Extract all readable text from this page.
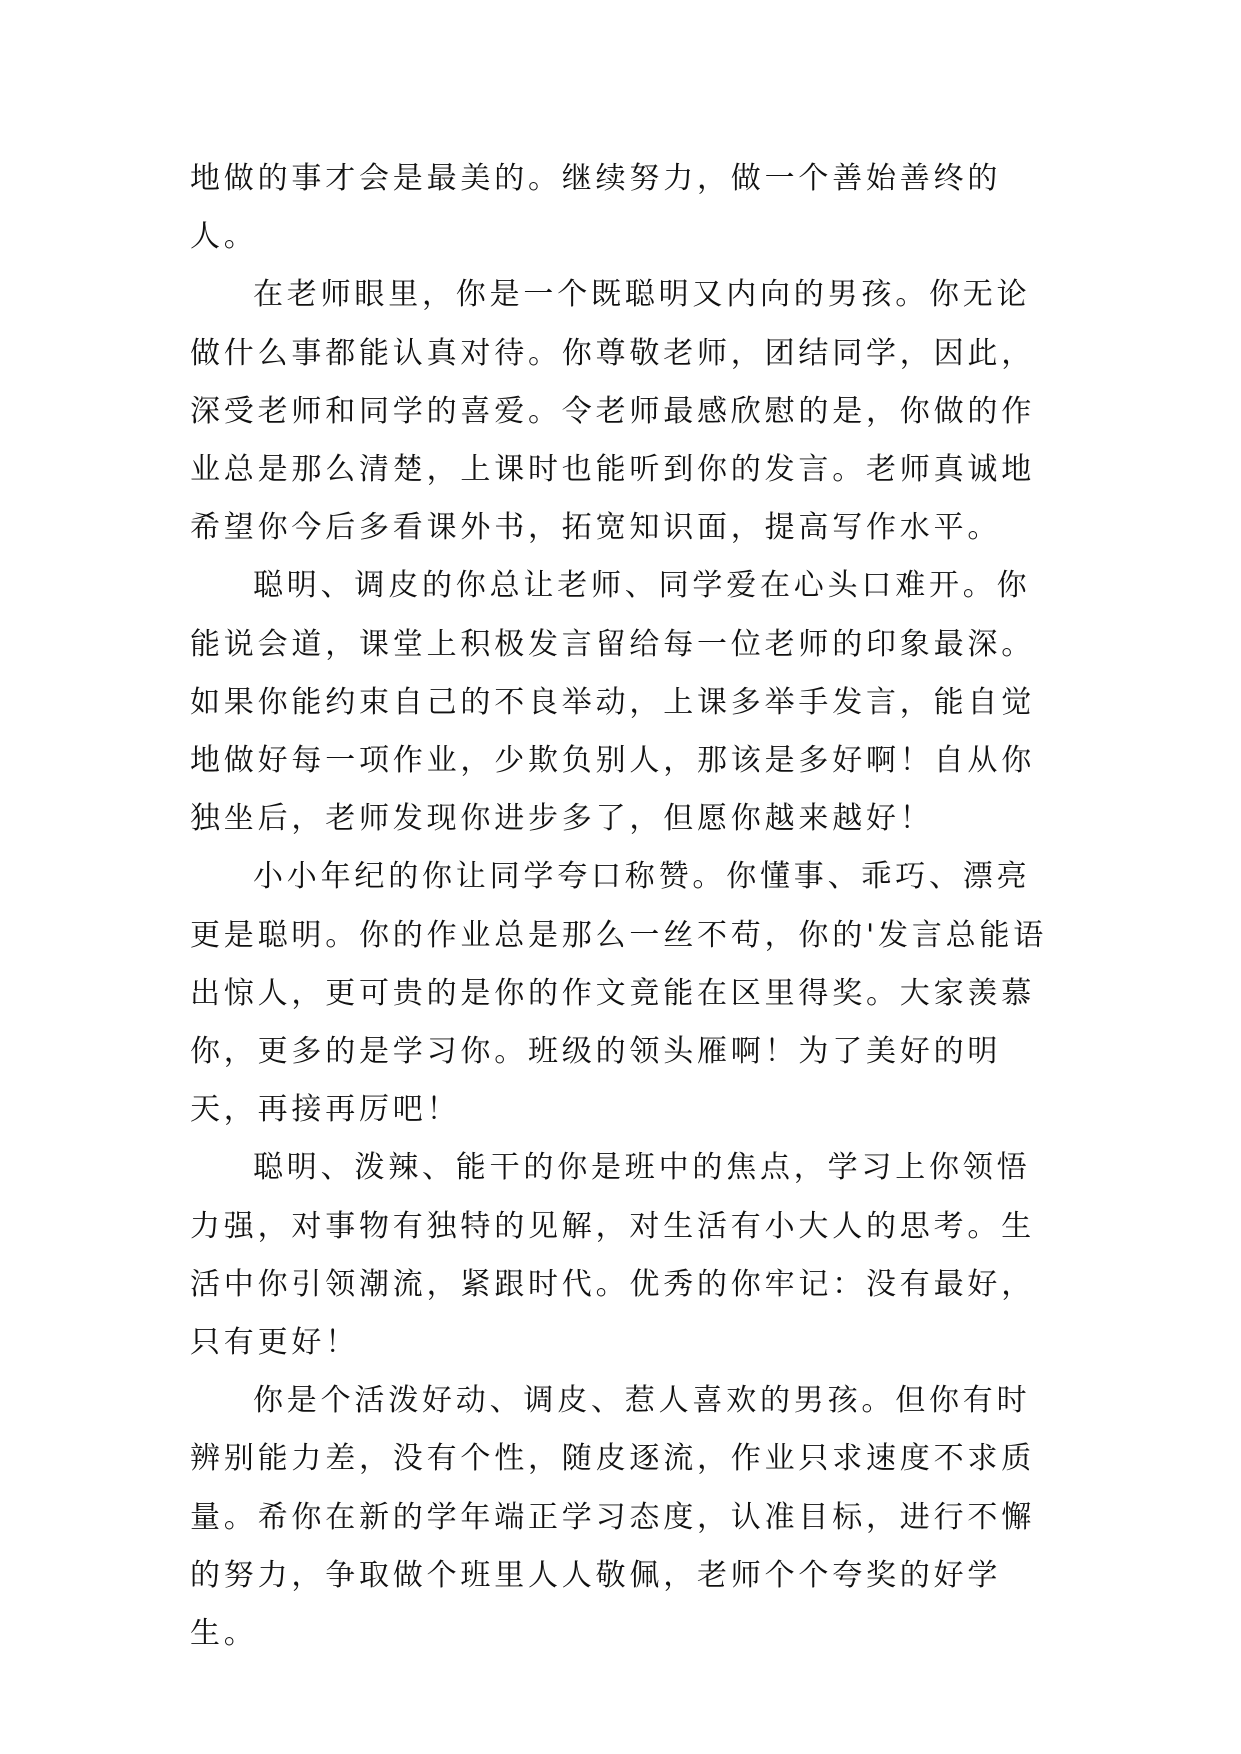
地做的事才会是最美的。继续努力，做一个善始善终的人。

在老师眼里，你是一个既聪明又内向的男孩。你无论做什么事都能认真对待。你尊敬老师，团结同学，因此，深受老师和同学的喜爱。令老师最感欣慰的是，你做的作业总是那么清楚，上课时也能听到你的发言。老师真诚地希望你今后多看课外书，拓宽知识面，提高写作水平。

聪明、调皮的你总让老师、同学爱在心头口难开。你能说会道，课堂上积极发言留给每一位老师的印象最深。如果你能约束自己的不良举动，上课多举手发言，能自觉地做好每一项作业，少欺负别人，那该是多好啊！自从你独坐后，老师发现你进步多了，但愿你越来越好！

小小年纪的你让同学夸口称赞。你懂事、乖巧、漂亮更是聪明。你的作业总是那么一丝不苟，你的'发言总能语出惊人，更可贵的是你的作文竟能在区里得奖。大家羡慕你，更多的是学习你。班级的领头雁啊！为了美好的明天，再接再厉吧！

聪明、泼辣、能干的你是班中的焦点，学习上你领悟力强，对事物有独特的见解，对生活有小大人的思考。生活中你引领潮流，紧跟时代。优秀的你牢记：没有最好，只有更好！

你是个活泼好动、调皮、惹人喜欢的男孩。但你有时辨别能力差，没有个性，随皮逐流，作业只求速度不求质量。希你在新的学年端正学习态度，认准目标，进行不懈的努力，争取做个班里人人敬佩，老师个个夸奖的好学生。
